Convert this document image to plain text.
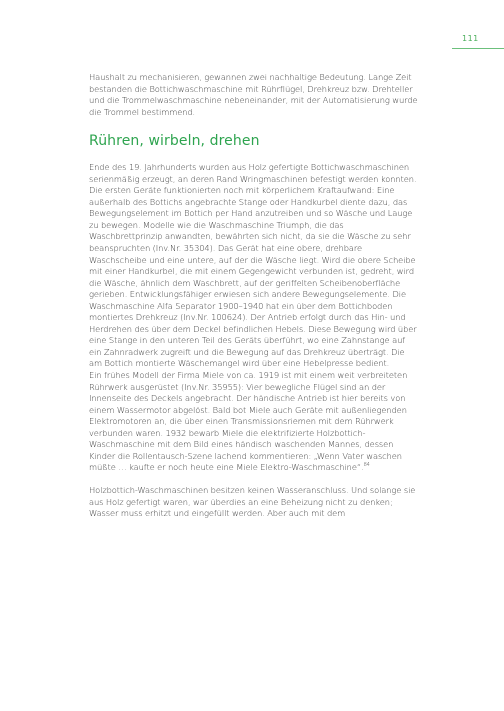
111

Haushalt zu mechanisieren, gewannen zwei nachhaltige Bedeutung. Lange Zeit bestanden die Bottichwaschmaschine mit Rührflügel, Drehkreuz bzw. Drehteller und die Trommelwaschmaschine nebeneinander, mit der Automatisierung wurde die Trommel bestimmend.

Rühren, wirbeln, drehen

Ende des 19. Jahrhunderts wurden aus Holz gefertigte Bottichwaschmaschinen serienmäßig erzeugt, an deren Rand Wringmaschinen befestigt werden konnten. Die ersten Geräte funktionierten noch mit körperlichem Kraftaufwand: Eine außerhalb des Bottichs angebrachte Stange oder Handkurbel diente dazu, das Bewegungselement im Bottich per Hand anzutreiben und so Wäsche und Lauge zu bewegen. Modelle wie die Waschmaschine Triumph, die das Waschbrettprinzip anwandten, bewährten sich nicht, da sie die Wäsche zu sehr beanspruchten (Inv.Nr. 35304). Das Gerät hat eine obere, drehbare Waschscheibe und eine untere, auf der die Wäsche liegt. Wird die obere Scheibe mit einer Handkurbel, die mit einem Gegengewicht verbunden ist, gedreht, wird die Wäsche, ähnlich dem Waschbrett, auf der geriffelten Scheibenoberfläche gerieben. Entwicklungsfähiger erwiesen sich andere Bewegungselemente. Die Waschmaschine Alfa Separator 1900–1940 hat ein über dem Bottichboden montiertes Drehkreuz (Inv.Nr. 100624). Der Antrieb erfolgt durch das Hin- und Herdrehen des über dem Deckel befindlichen Hebels. Diese Bewegung wird über eine Stange in den unteren Teil des Geräts überführt, wo eine Zahnstange auf ein Zahnradwerk zugreift und die Bewegung auf das Drehkreuz überträgt. Die am Bottich montierte Wäschemangel wird über eine Hebelpresse bedient.

Ein frühes Modell der Firma Miele von ca. 1919 ist mit einem weit verbreiteten Rührwerk ausgerüstet (Inv.Nr. 35955): Vier bewegliche Flügel sind an der Innenseite des Deckels angebracht. Der händische Antrieb ist hier bereits von einem Wassermotor abgelöst. Bald bot Miele auch Geräte mit außenliegenden Elektromotoren an, die über einen Transmissionsriemen mit dem Rührwerk verbunden waren. 1932 bewarb Miele die elektrifizierte Holzbottich-Waschmaschine mit dem Bild eines händisch waschenden Mannes, dessen Kinder die Rollentausch-Szene lachend kommentieren: „Wenn Vater waschen müßte … kaufte er noch heute eine Miele Elektro-Waschmaschine“.$^{84}$

Holzbottich-Waschmaschinen besitzen keinen Wasseranschluss. Und solange sie aus Holz gefertigt waren, war überdies an eine Beheizung nicht zu denken; Wasser muss erhitzt und eingefüllt werden. Aber auch mit dem
